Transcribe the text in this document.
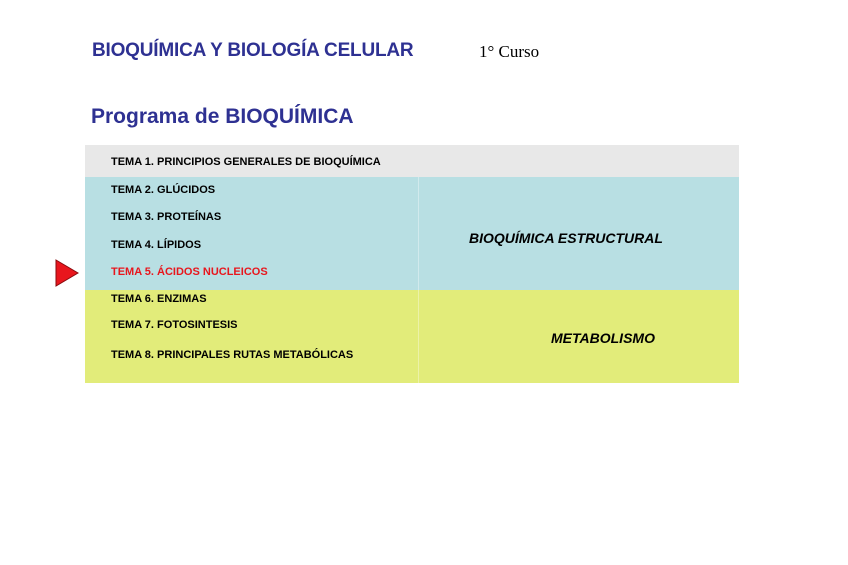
BIOQUÍMICA Y BIOLOGÍA CELULAR	1° Curso
Programa de BIOQUÍMICA
TEMA 1. PRINCIPIOS GENERALES DE BIOQUÍMICA
TEMA 2. GLÚCIDOS
TEMA 3. PROTEÍNAS
TEMA 4. LÍPIDOS
TEMA 5. ÁCIDOS NUCLEICOS
TEMA 6. ENZIMAS
TEMA 7. FOTOSINTESIS
TEMA 8. PRINCIPALES RUTAS METABÓLICAS
BIOQUÍMICA ESTRUCTURAL
METABOLISMO
